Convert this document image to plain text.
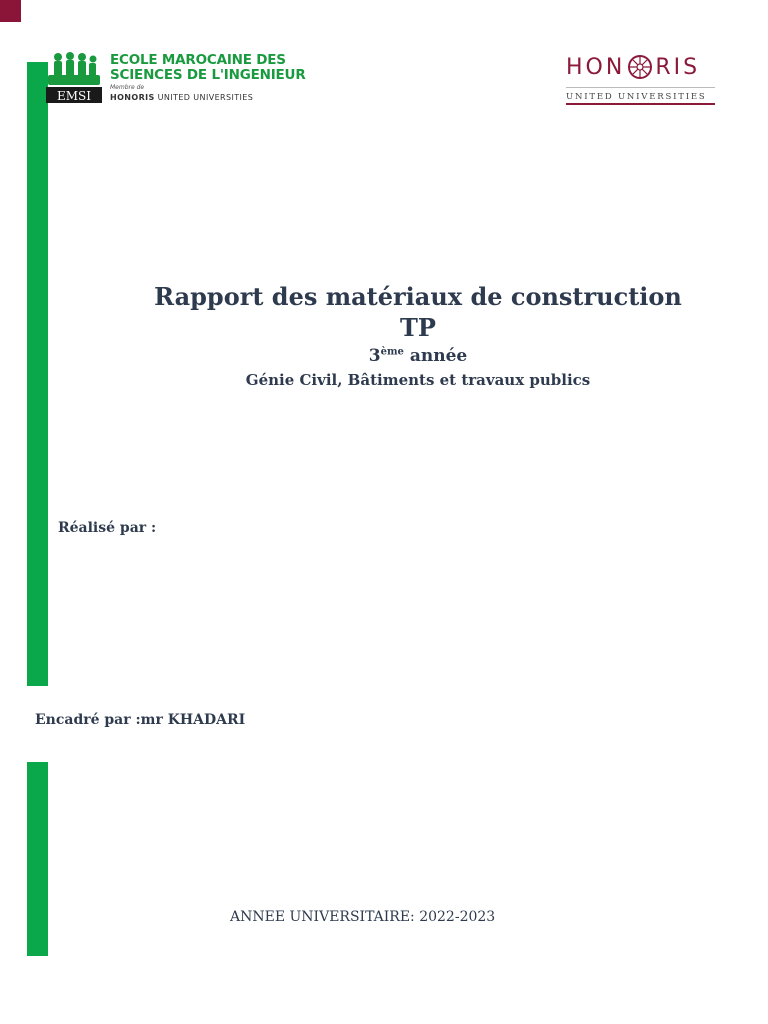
EMSI
ECOLE MAROCAINE DES
SCIENCES DE L'INGENIEUR
Membre de
HONORIS UNITED UNIVERSITIES
HON RIS
UNITED UNIVERSITIES
Rapport des matériaux de construction
TP
3ème année
Génie Civil, Bâtiments et travaux publics
Réalisé par :
Encadré par :mr KHADARI
ANNEE UNIVERSITAIRE: 2022-2023
